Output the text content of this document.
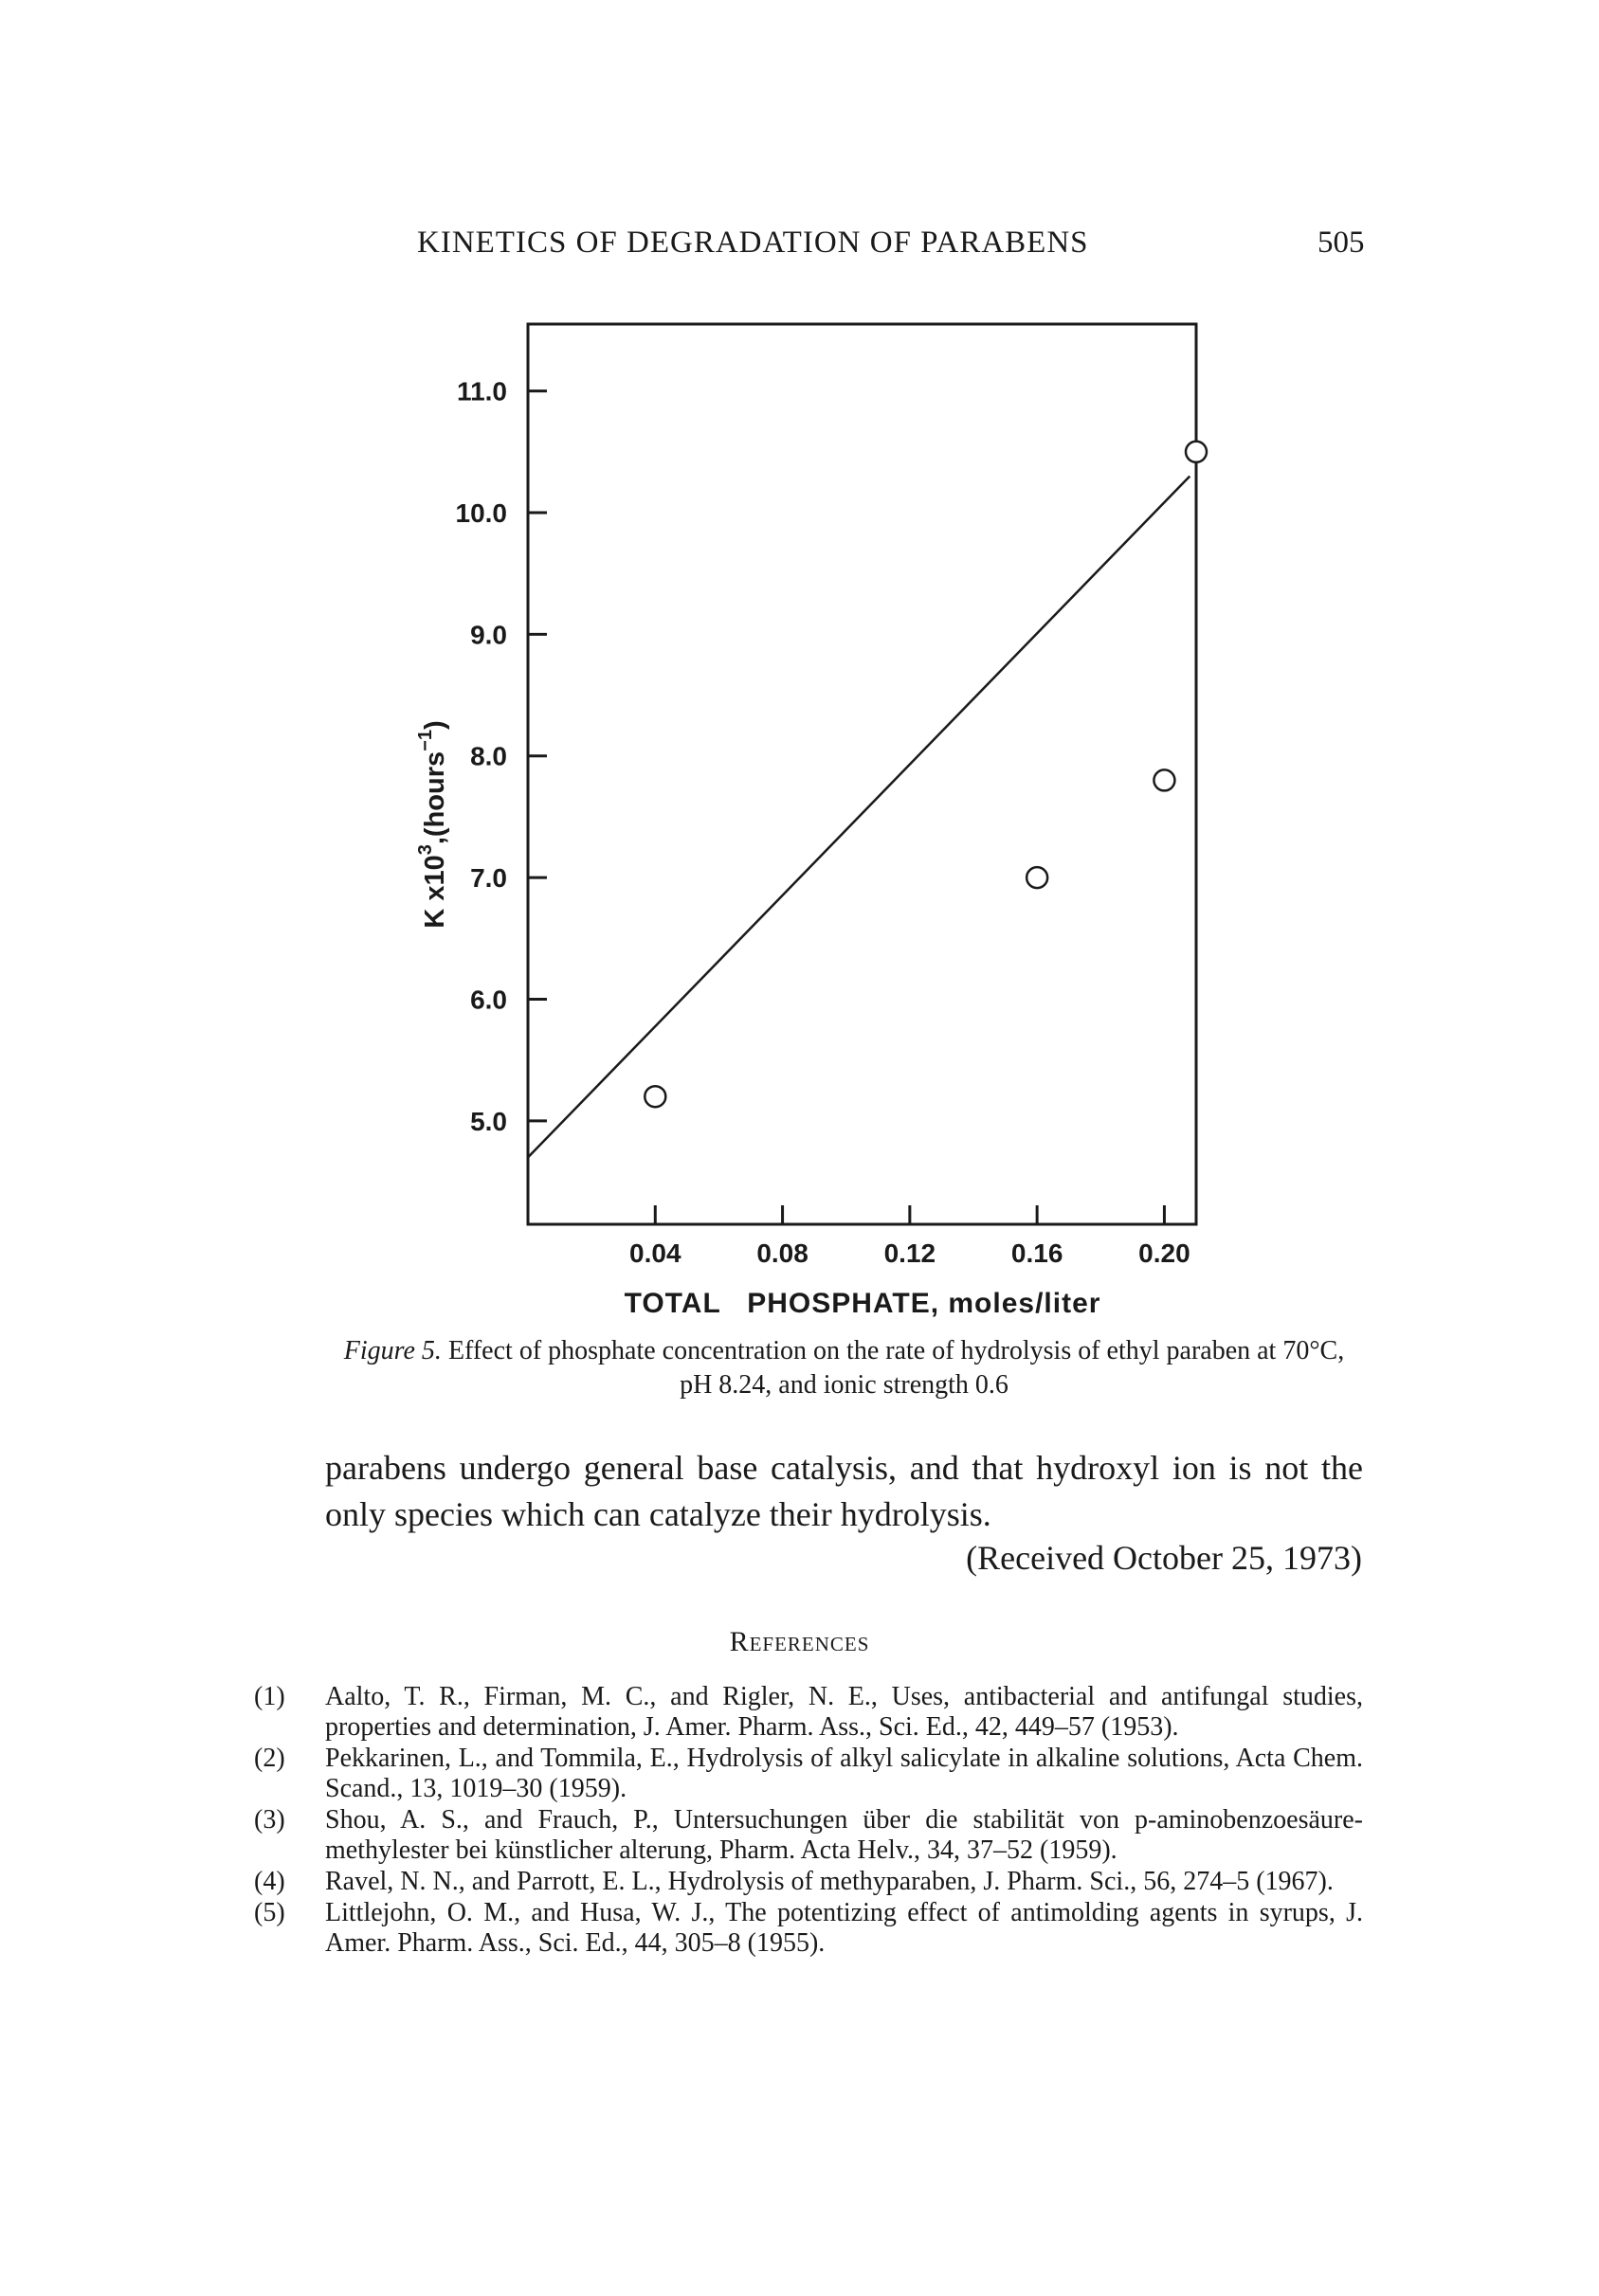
KINETICS OF DEGRADATION OF PARABENS	505
11.0
10.0
9.0
8.0
7.0
6.0
5.0
0.04	0.08	0.12	0.16	0.20
TOTAL   PHOSPHATE, moles/liter
K $x10^3,(hours^{-1})$
Figure 5. Effect of phosphate concentration on the rate of hydrolysis of ethyl paraben at 70°C, pH 8.24, and ionic strength 0.6
parabens undergo general base catalysis, and that hydroxyl ion is not the only species which can catalyze their hydrolysis.
(Received October 25, 1973)
References
(1) Aalto, T. R., Firman, M. C., and Rigler, N. E., Uses, antibacterial and antifungal studies, properties and determination, J. Amer. Pharm. Ass., Sci. Ed., 42, 449–57 (1953).
(2) Pekkarinen, L., and Tommila, E., Hydrolysis of alkyl salicylate in alkaline solutions, Acta Chem. Scand., 13, 1019–30 (1959).
(3) Shou, A. S., and Frauch, P., Untersuchungen über die stabilität von p-aminobenzoesäure-methylester bei künstlicher alterung, Pharm. Acta Helv., 34, 37–52 (1959).
(4) Ravel, N. N., and Parrott, E. L., Hydrolysis of methyparaben, J. Pharm. Sci., 56, 274–5 (1967).
(5) Littlejohn, O. M., and Husa, W. J., The potentizing effect of antimolding agents in syrups, J. Amer. Pharm. Ass., Sci. Ed., 44, 305–8 (1955).
